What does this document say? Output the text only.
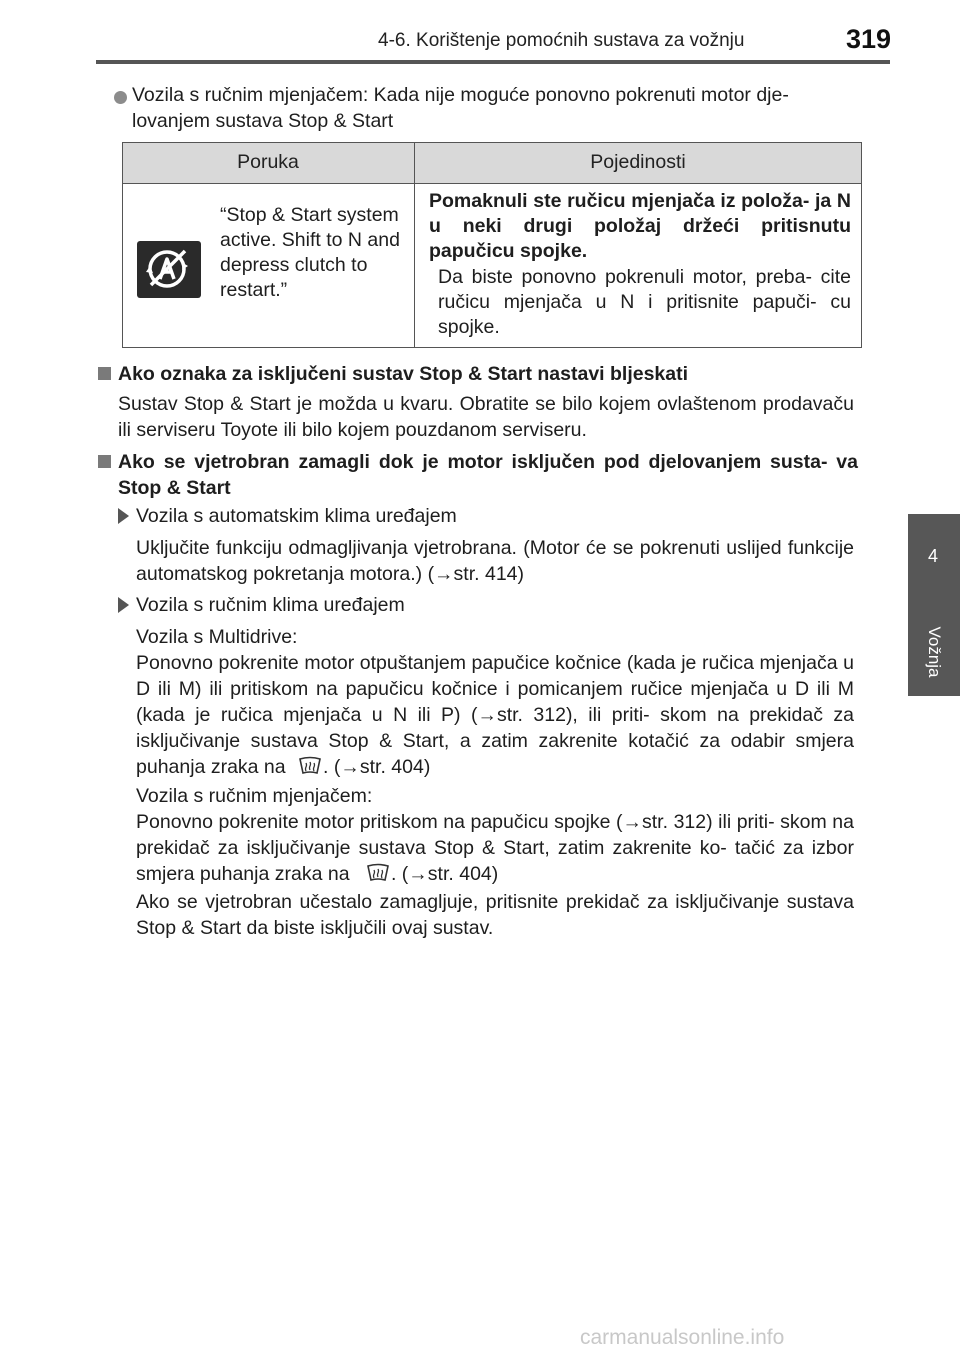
4-6. Korištenje pomoćnih sustava za vožnju	319
4
Vožnja
Vozila s ručnim mjenjačem: Kada nije moguće ponovno pokrenuti motor dje-
lovanjem sustava Stop & Start
Poruka	Pojedinosti
“Stop & Start system active. Shift to N and depress clutch to restart.”
Pomaknuli ste ručicu mjenjača iz položa- ja N u neki drugi položaj držeći pritisnutu papučicu spojke.
Da biste ponovno pokrenuli motor, preba- cite ručicu mjenjača u N i pritisnite papuči- cu spojke.
Ako oznaka za isključeni sustav Stop & Start nastavi bljeskati
Sustav Stop & Start je možda u kvaru. Obratite se bilo kojem ovlaštenom prodavaču ili serviseru Toyote ili bilo kojem pouzdanom serviseru.
Ako se vjetrobran zamagli dok je motor isključen pod djelovanjem susta- va Stop & Start
Vozila s automatskim klima uređajem
Uključite funkciju odmagljivanja vjetrobrana. (Motor će se pokrenuti uslijed funkcije automatskog pokretanja motora.) (→str. 414)
Vozila s ručnim klima uređajem
Vozila s Multidrive:
Ponovno pokrenite motor otpuštanjem papučice kočnice (kada je ručica mjenjača u D ili M) ili pritiskom na papučicu kočnice i pomicanjem ručice mjenjača u D ili M (kada je ručica mjenjača u N ili P) (→str. 312), ili priti- skom na prekidač za isključivanje sustava Stop & Start, a zatim zakrenite kotačić za odabir smjera puhanja zraka na . (→str. 404)
Vozila s ručnim mjenjačem:
Ponovno pokrenite motor pritiskom na papučicu spojke (→str. 312) ili priti- skom na prekidač za isključivanje sustava Stop & Start, zatim zakrenite ko- tačić za izbor smjera puhanja zraka na . (→str. 404)
Ako se vjetrobran učestalo zamagljuje, pritisnite prekidač za isključivanje sustava Stop & Start da biste isključili ovaj sustav.
carmanualsonline.info
